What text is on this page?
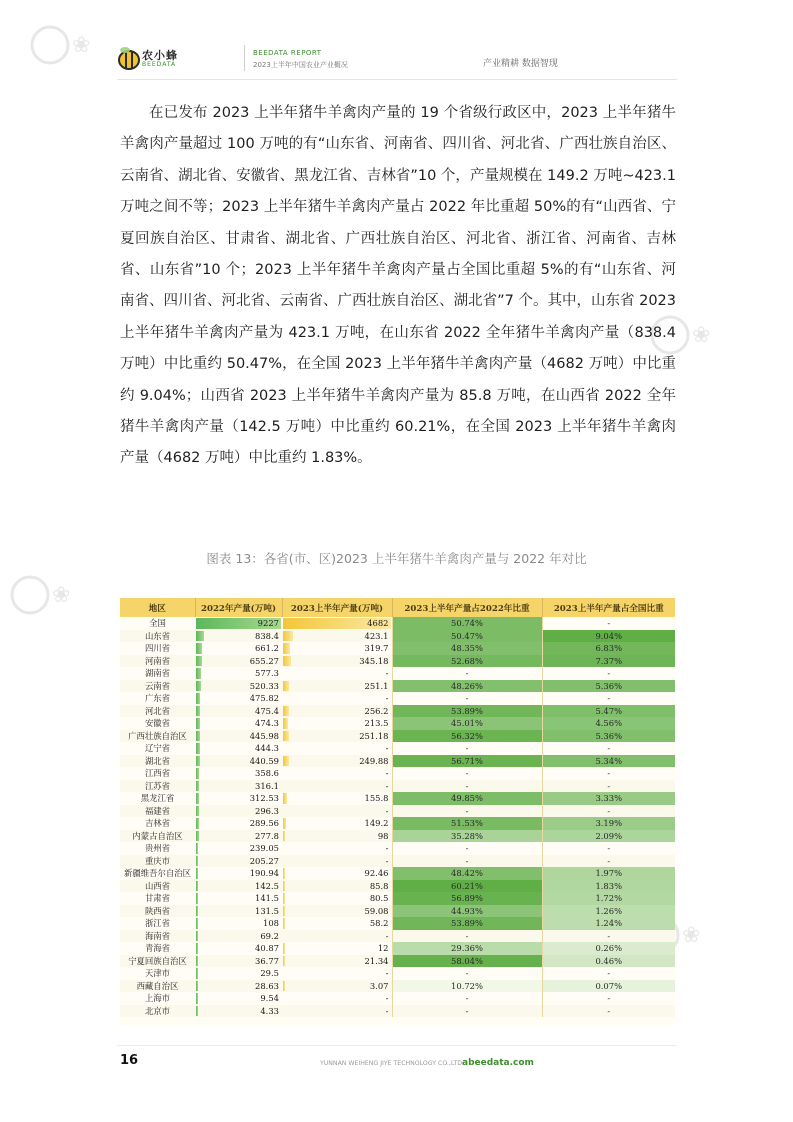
❀
❀
❀
❀
农小蜂
BEEDATA
BEEDATA REPORT
2023上半年中国农业产业概况	产业精耕 数据智现

在已发布 2023 上半年猪牛羊禽肉产量的 19 个省级行政区中，2023 上半年猪牛羊禽肉产量超过 100 万吨的有“山东省、河南省、四川省、河北省、广西壮族自治区、云南省、湖北省、安徽省、黑龙江省、吉林省”10 个，产量规模在 149.2 万吨~423.1 万吨之间不等；2023 上半年猪牛羊禽肉产量占 2022 年比重超 50%的有“山西省、宁夏回族自治区、甘肃省、湖北省、广西壮族自治区、河北省、浙江省、河南省、吉林省、山东省”10 个；2023 上半年猪牛羊禽肉产量占全国比重超 5%的有“山东省、河南省、四川省、河北省、云南省、广西壮族自治区、湖北省”7 个。其中，山东省 2023 上半年猪牛羊禽肉产量为 423.1 万吨，在山东省 2022 全年猪牛羊禽肉产量（838.4 万吨）中比重约 50.47%，在全国 2023 上半年猪牛羊禽肉产量（4682 万吨）中比重约 9.04%；山西省 2023 上半年猪牛羊禽肉产量为 85.8 万吨，在山西省 2022 全年猪牛羊禽肉产量（142.5 万吨）中比重约 60.21%，在全国 2023 上半年猪牛羊禽肉产量（4682 万吨）中比重约 1.83%。

图表 13：各省(市、区)2023 上半年猪牛羊禽肉产量与 2022 年对比
地区	2022年产量(万吨)	2023上半年产量(万吨)	2023上半年产量占2022年比重	2023上半年产量占全国比重
全国	9227	4682	50.74%	-
山东省	838.4	423.1	50.47%	9.04%
四川省	661.2	319.7	48.35%	6.83%
河南省	655.27	345.18	52.68%	7.37%
湖南省	577.3	-	-	-
云南省	520.33	251.1	48.26%	5.36%
广东省	475.82	-	-	-
河北省	475.4	256.2	53.89%	5.47%
安徽省	474.3	213.5	45.01%	4.56%
广西壮族自治区	445.98	251.18	56.32%	5.36%
辽宁省	444.3	-	-	-
湖北省	440.59	249.88	56.71%	5.34%
江西省	358.6	-	-	-
江苏省	316.1	-	-	-
黑龙江省	312.53	155.8	49.85%	3.33%
福建省	296.3	-	-	-
吉林省	289.56	149.2	51.53%	3.19%
内蒙古自治区	277.8	98	35.28%	2.09%
贵州省	239.05	-	-	-
重庆市	205.27	-	-	-
新疆维吾尔自治区	190.94	92.46	48.42%	1.97%
山西省	142.5	85.8	60.21%	1.83%
甘肃省	141.5	80.5	56.89%	1.72%
陕西省	131.5	59.08	44.93%	1.26%
浙江省	108	58.2	53.89%	1.24%
海南省	69.2	-	-	-
青海省	40.87	12	29.36%	0.26%
宁夏回族自治区	36.77	21.34	58.04%	0.46%
天津市	29.5	-	-	-
西藏自治区	28.63	3.07	10.72%	0.07%
上海市	9.54	-	-	-
北京市	4.33	-	-	-
16	YUNNAN WEIHENG JIYE TECHNOLOGY CO.,LTD.
abeedata.com
